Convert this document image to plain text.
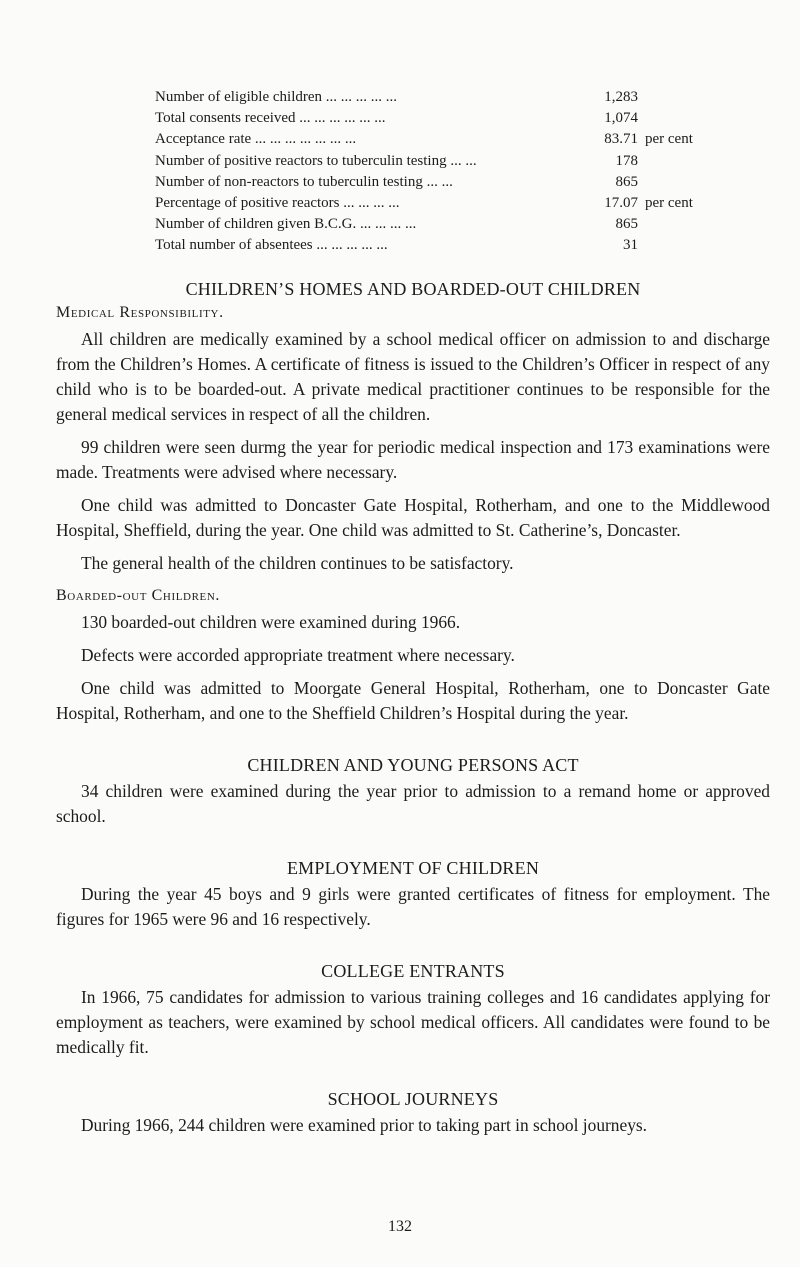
Number of eligible children ... ... ... ... ...	1,283
Total consents received ... ... ... ... ... ...	1,074
Acceptance rate ... ... ... ... ... ... ...	83.71 per cent
Number of positive reactors to tuberculin testing ... ...	178
Number of non-reactors to tuberculin testing ... ...	865
Percentage of positive reactors ... ... ... ...	17.07 per cent
Number of children given B.C.G. ... ... ... ...	865
Total number of absentees ... ... ... ... ...	31
CHILDREN’S HOMES AND BOARDED-OUT CHILDREN
Medical Responsibility.

All children are medically examined by a school medical officer on admission to and discharge from the Children’s Homes. A certificate of fitness is issued to the Children’s Officer in respect of any child who is to be boarded-out. A private medical practitioner continues to be responsible for the general medical services in respect of all the children.

99 children were seen durmg the year for periodic medical inspection and 173 examinations were made. Treatments were advised where necessary.

One child was admitted to Doncaster Gate Hospital, Rotherham, and one to the Middlewood Hospital, Sheffield, during the year. One child was admitted to St. Catherine’s, Doncaster.

The general health of the children continues to be satisfactory.

Boarded-out Children.

130 boarded-out children were examined during 1966.

Defects were accorded appropriate treatment where necessary.

One child was admitted to Moorgate General Hospital, Rotherham, one to Doncaster Gate Hospital, Rotherham, and one to the Sheffield Children’s Hospital during the year.

CHILDREN AND YOUNG PERSONS ACT

34 children were examined during the year prior to admission to a remand home or approved school.

EMPLOYMENT OF CHILDREN

During the year 45 boys and 9 girls were granted certificates of fitness for employment. The figures for 1965 were 96 and 16 respectively.

COLLEGE ENTRANTS

In 1966, 75 candidates for admission to various training colleges and 16 candidates applying for employment as teachers, were examined by school medical officers. All candidates were found to be medically fit.

SCHOOL JOURNEYS

During 1966, 244 children were examined prior to taking part in school journeys.

132
